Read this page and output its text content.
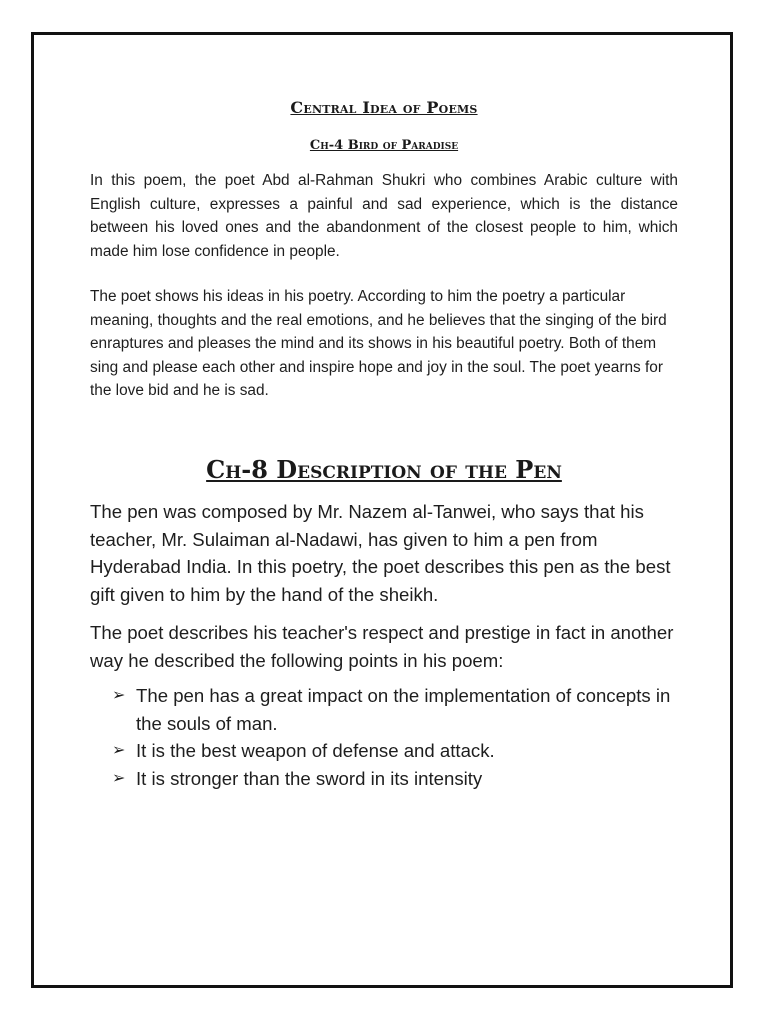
Central Idea of Poems
Ch-4 Bird of Paradise

In this poem, the poet Abd al-Rahman Shukri who combines Arabic culture with English culture, expresses a painful and sad experience, which is the distance between his loved ones and the abandonment of the closest people to him, which made him lose confidence in people.

The poet shows his ideas in his poetry. According to him the poetry a particular meaning, thoughts and the real emotions, and he believes that the singing of the bird enraptures and pleases the mind and its shows in his beautiful poetry. Both of them sing and please each other and inspire hope and joy in the soul. The poet yearns for the love bid and he is sad.

Ch-8 Description of the Pen

The pen was composed by Mr. Nazem al-Tanwei, who says that his teacher, Mr. Sulaiman al-Nadawi, has given to him a pen from Hyderabad India. In this poetry, the poet describes this pen as the best gift given to him by the hand of the sheikh.

The poet describes his teacher's respect and prestige in fact in another way he described the following points in his poem:

➢ The pen has a great impact on the implementation of concepts in the souls of man.
➢ It is the best weapon of defense and attack.
➢ It is stronger than the sword in its intensity
